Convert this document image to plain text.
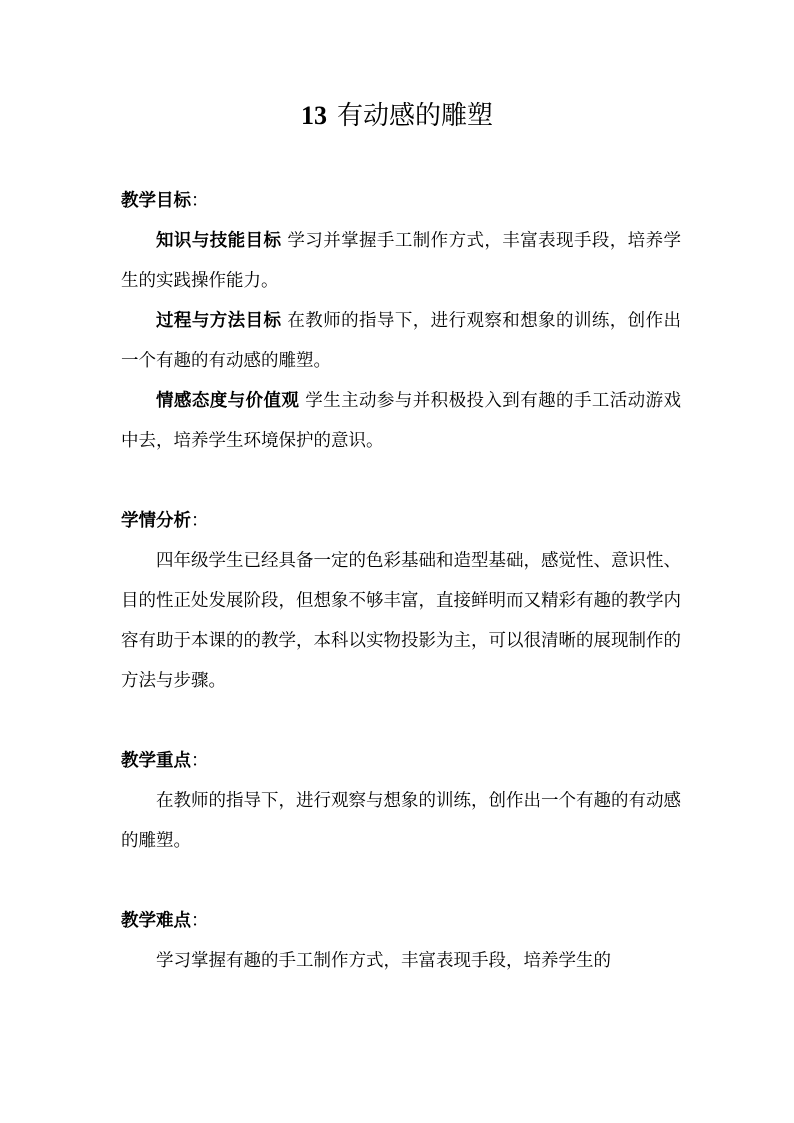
13 有动感的雕塑

教学目标：

知识与技能目标 学习并掌握手工制作方式，丰富表现手段，培养学生的实践操作能力。

过程与方法目标 在教师的指导下，进行观察和想象的训练，创作出一个有趣的有动感的雕塑。

情感态度与价值观 学生主动参与并积极投入到有趣的手工活动游戏中去，培养学生环境保护的意识。

学情分析：

四年级学生已经具备一定的色彩基础和造型基础，感觉性、意识性、目的性正处发展阶段，但想象不够丰富，直接鲜明而又精彩有趣的教学内容有助于本课的的教学，本科以实物投影为主，可以很清晰的展现制作的方法与步骤。

教学重点：

在教师的指导下，进行观察与想象的训练，创作出一个有趣的有动感的雕塑。

教学难点：

学习掌握有趣的手工制作方式，丰富表现手段，培养学生的
